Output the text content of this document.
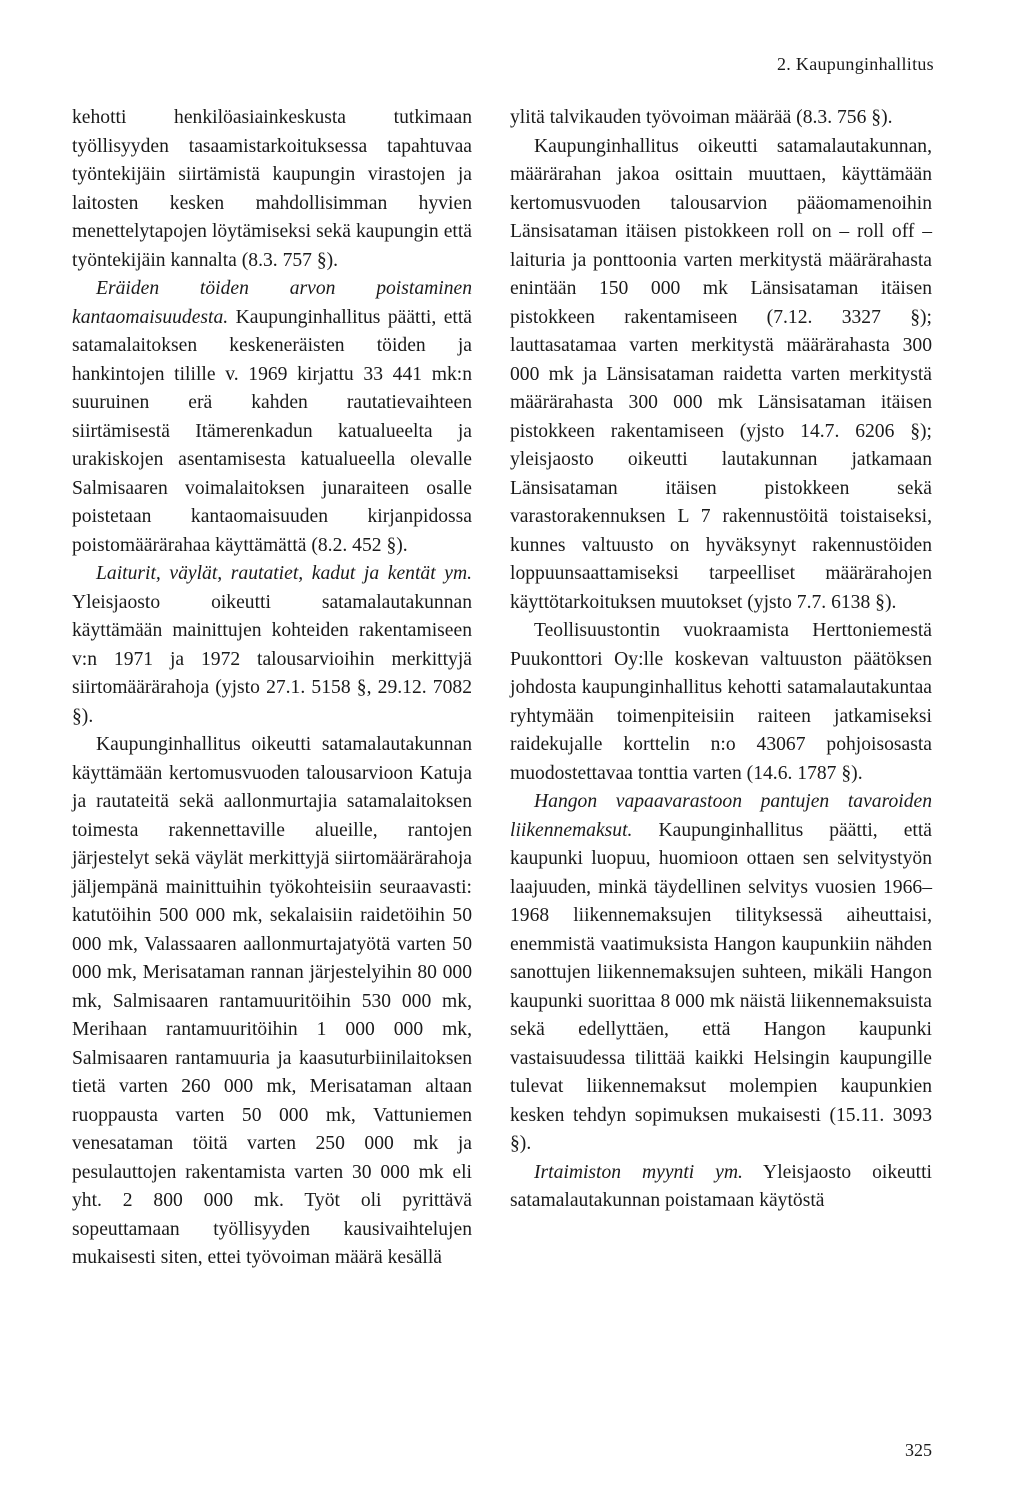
2. Kaupunginhallitus

kehotti henkilöasiainkeskusta tutkimaan työllisyyden tasaamistarkoituksessa tapahtuvaa työntekijäin siirtämistä kaupungin virastojen ja laitosten kesken mahdollisimman hyvien menettelytapojen löytämiseksi sekä kaupungin että työntekijäin kannalta (8.3. 757 §).

Eräiden töiden arvon poistaminen kantaomaisuudesta. Kaupunginhallitus päätti, että satamalaitoksen keskeneräisten töiden ja hankintojen tilille v. 1969 kirjattu 33 441 mk:n suuruinen erä kahden rautatievaihteen siirtämisestä Itämerenkadun katualueelta ja urakiskojen asentamisesta katualueella olevalle Salmisaaren voimalaitoksen junaraiteen osalle poistetaan kantaomaisuuden kirjanpidossa poistomäärärahaa käyttämättä (8.2. 452 §).

Laiturit, väylät, rautatiet, kadut ja kentät ym. Yleisjaosto oikeutti satamalautakunnan käyttämään mainittujen kohteiden rakentamiseen v:n 1971 ja 1972 talousarvioihin merkittyjä siirtomäärärahoja (yjsto 27.1. 5158 §, 29.12. 7082 §).

Kaupunginhallitus oikeutti satamalautakunnan käyttämään kertomusvuoden talousarvioon Katuja ja rautateitä sekä aallonmurtajia satamalaitoksen toimesta rakennettaville alueille, rantojen järjestelyt sekä väylät merkittyjä siirtomäärärahoja jäljempänä mainittuihin työkohteisiin seuraavasti: katutöihin 500 000 mk, sekalaisiin raidetöihin 50 000 mk, Valassaaren aallonmurtajatyötä varten 50 000 mk, Merisataman rannan järjestelyihin 80 000 mk, Salmisaaren rantamuuritöihin 530 000 mk, Merihaan rantamuuritöihin 1 000 000 mk, Salmisaaren rantamuuria ja kaasuturbiinilaitoksen tietä varten 260 000 mk, Merisataman altaan ruoppausta varten 50 000 mk, Vattuniemen venesataman töitä varten 250 000 mk ja pesulauttojen rakentamista varten 30 000 mk eli yht. 2 800 000 mk. Työt oli pyrittävä sopeuttamaan työllisyyden kausivaihtelujen mukaisesti siten, ettei työvoiman määrä kesällä

ylitä talvikauden työvoiman määrää (8.3. 756 §).

Kaupunginhallitus oikeutti satamalautakunnan, määrärahan jakoa osittain muuttaen, käyttämään kertomusvuoden talousarvion pääomamenoihin Länsisataman itäisen pistokkeen roll on – roll off –laituria ja ponttoonia varten merkitystä määrärahasta enintään 150 000 mk Länsisataman itäisen pistokkeen rakentamiseen (7.12. 3327 §); lauttasatamaa varten merkitystä määrärahasta 300 000 mk ja Länsisataman raidetta varten merkitystä määrärahasta 300 000 mk Länsisataman itäisen pistokkeen rakentamiseen (yjsto 14.7. 6206 §); yleisjaosto oikeutti lautakunnan jatkamaan Länsisataman itäisen pistokkeen sekä varastorakennuksen L 7 rakennustöitä toistaiseksi, kunnes valtuusto on hyväksynyt rakennustöiden loppuunsaattamiseksi tarpeelliset määrärahojen käyttötarkoituksen muutokset (yjsto 7.7. 6138 §).

Teollisuustontin vuokraamista Herttoniemestä Puukonttori Oy:lle koskevan valtuuston päätöksen johdosta kaupunginhallitus kehotti satamalautakuntaa ryhtymään toimenpiteisiin raiteen jatkamiseksi raidekujalle korttelin n:o 43067 pohjoisosasta muodostettavaa tonttia varten (14.6. 1787 §).

Hangon vapaavarastoon pantujen tavaroiden liikennemaksut. Kaupunginhallitus päätti, että kaupunki luopuu, huomioon ottaen sen selvitystyön laajuuden, minkä täydellinen selvitys vuosien 1966–1968 liikennemaksujen tilityksessä aiheuttaisi, enemmistä vaatimuksista Hangon kaupunkiin nähden sanottujen liikennemaksujen suhteen, mikäli Hangon kaupunki suorittaa 8 000 mk näistä liikennemaksuista sekä edellyttäen, että Hangon kaupunki vastaisuudessa tilittää kaikki Helsingin kaupungille tulevat liikennemaksut molempien kaupunkien kesken tehdyn sopimuksen mukaisesti (15.11. 3093 §).

Irtaimiston myynti ym. Yleisjaosto oikeutti satamalautakunnan poistamaan käytöstä

325
